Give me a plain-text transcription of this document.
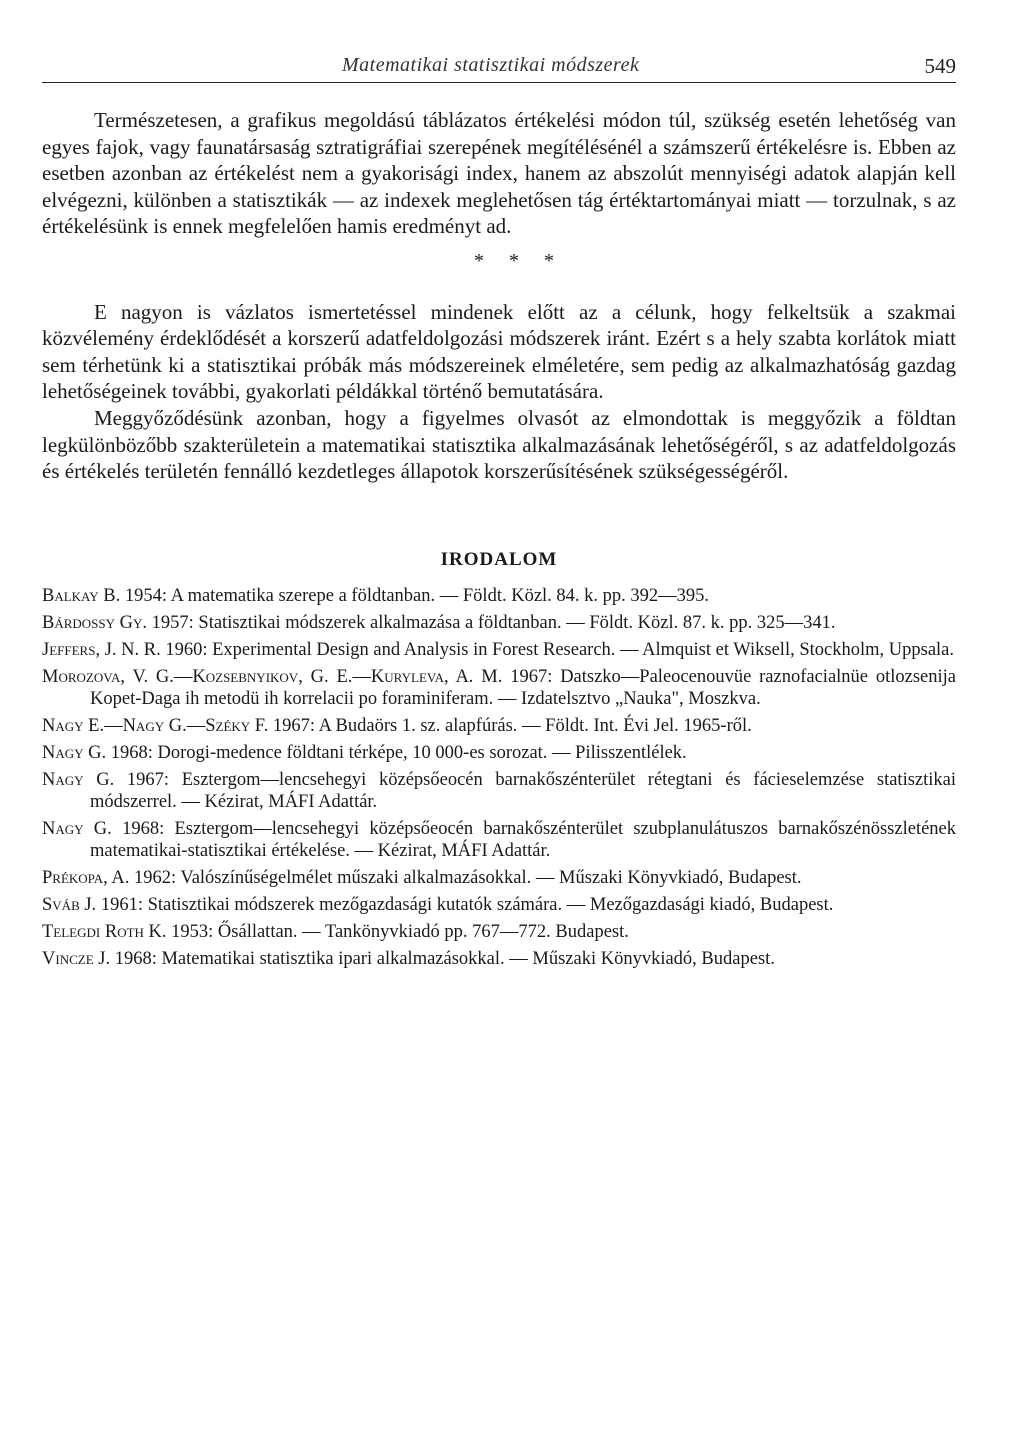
Matematikai statisztikai módszerek	549

Természetesen, a grafikus megoldású táblázatos értékelési módon túl, szükség esetén lehetőség van egyes fajok, vagy faunatársaság sztratigráfiai szerepének megítélésénél a számszerű értékelésre is. Ebben az esetben azonban az értékelést nem a gyakorisági index, hanem az abszolút mennyiségi adatok alapján kell elvégezni, különben a statisztikák — az indexek meglehetősen tág értéktartományai miatt — torzulnak, s az értékelésünk is ennek megfelelően hamis eredményt ad.

* * *

E nagyon is vázlatos ismertetéssel mindenek előtt az a célunk, hogy felkeltsük a szakmai közvélemény érdeklődését a korszerű adatfeldolgozási módszerek iránt. Ezért s a hely szabta korlátok miatt sem térhetünk ki a statisztikai próbák más módszereinek elméletére, sem pedig az alkalmazhatóság gazdag lehetőségeinek további, gyakorlati példákkal történő bemutatására.

Meggyőződésünk azonban, hogy a figyelmes olvasót az elmondottak is meggyőzik a földtan legkülönbözőbb szakterületein a matematikai statisztika alkalmazásának lehetőségéről, s az adatfeldolgozás és értékelés területén fennálló kezdetleges állapotok korszerűsítésének szükségességéről.

IRODALOM
Balkay B. 1954: A matematika szerepe a földtanban. — Földt. Közl. 84. k. pp. 392—395.
Bárdossy Gy. 1957: Statisztikai módszerek alkalmazása a földtanban. — Földt. Közl. 87. k. pp. 325—341.
Jeffers, J. N. R. 1960: Experimental Design and Analysis in Forest Research. — Almquist et Wiksell, Stockholm, Uppsala.
Morozova, V. G.—Kozsebnyikov, G. E.—Kuryleva, A. M. 1967: Datszko—Paleocenouvüe raznofacialnüe otlozsenija Kopet-Daga ih metodü ih korrelacii po foraminiferam. — Izdatelsztvo „Nauka", Moszkva.
Nagy E.—Nagy G.—Széky F. 1967: A Budaörs 1. sz. alapfúrás. — Földt. Int. Évi Jel. 1965-ről.
Nagy G. 1968: Dorogi-medence földtani térképe, 10 000-es sorozat. — Pilisszentlélek.
Nagy G. 1967: Esztergom—lencsehegyi középsőeocén barnakőszénterület rétegtani és fácieselemzése statisztikai módszerrel. — Kézirat, MÁFI Adattár.
Nagy G. 1968: Esztergom—lencsehegyi középsőeocén barnakőszénterület szubplanulátuszos barnakőszénösszletének matematikai-statisztikai értékelése. — Kézirat, MÁFI Adattár.
Prékopa, A. 1962: Valószínűségelmélet műszaki alkalmazásokkal. — Műszaki Könyvkiadó, Budapest.
Sváb J. 1961: Statisztikai módszerek mezőgazdasági kutatók számára. — Mezőgazdasági kiadó, Budapest.
Telegdi Roth K. 1953: Ősállattan. — Tankönyvkiadó pp. 767—772. Budapest.
Vincze J. 1968: Matematikai statisztika ipari alkalmazásokkal. — Műszaki Könyvkiadó, Budapest.
